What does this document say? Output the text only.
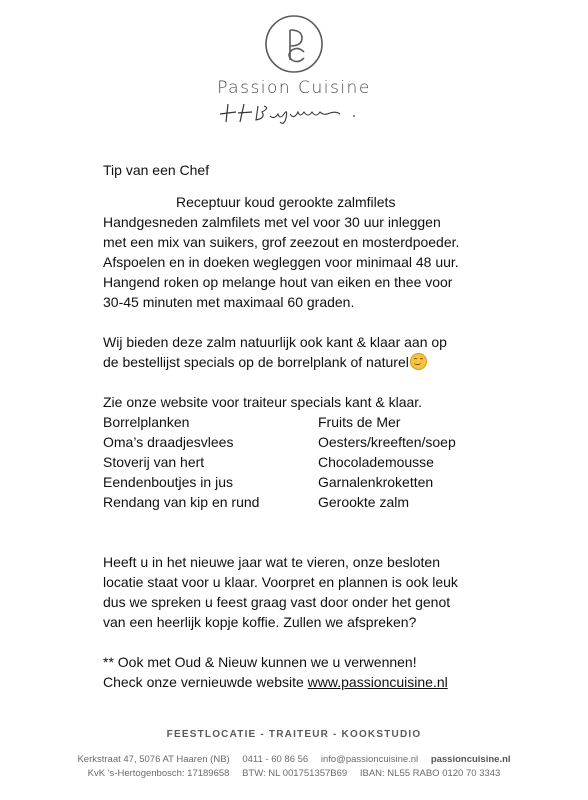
Passion Cuisine

Tip van een Chef

Receptuur koud gerookte zalmfilets

Handgesneden zalmfilets met vel voor 30 uur inleggen

met een mix van suikers, grof zeezout en mosterdpoeder.

Afspoelen en in doeken wegleggen voor minimaal 48 uur.

Hangend roken op melange hout van eiken en thee voor

30-45 minuten met maximaal 60 graden.

Wij bieden deze zalm natuurlijk ook kant & klaar aan op

de bestellijst specials op de borrelplank of naturel

Zie onze website voor traiteur specials kant & klaar.

Borrelplanken	Fruits de Mer
Oma’s draadjesvlees	Oesters/kreeften/soep
Stoverij van hert	Chocolademousse
Eendenboutjes in jus	Garnalenkroketten
Rendang van kip en rund	Gerookte zalm

Heeft u in het nieuwe jaar wat te vieren, onze besloten

locatie staat voor u klaar. Voorpret en plannen is ook leuk

dus we spreken u feest graag vast door onder het genot

van een heerlijk kopje koffie. Zullen we afspreken?

** Ook met Oud & Nieuw kunnen we u verwennen!

Check onze vernieuwde website www.passioncuisine.nl

FEESTLOCATIE - TRAITEUR - KOOKSTUDIO
Kerkstraat 47, 5076 AT Haaren (NB) 0411 - 60 86 56 info@passioncuisine.nl passioncuisine.nl
KvK 's-Hertogenbosch: 17189658 BTW: NL 001751357B69 IBAN: NL55 RABO 0120 70 3343
